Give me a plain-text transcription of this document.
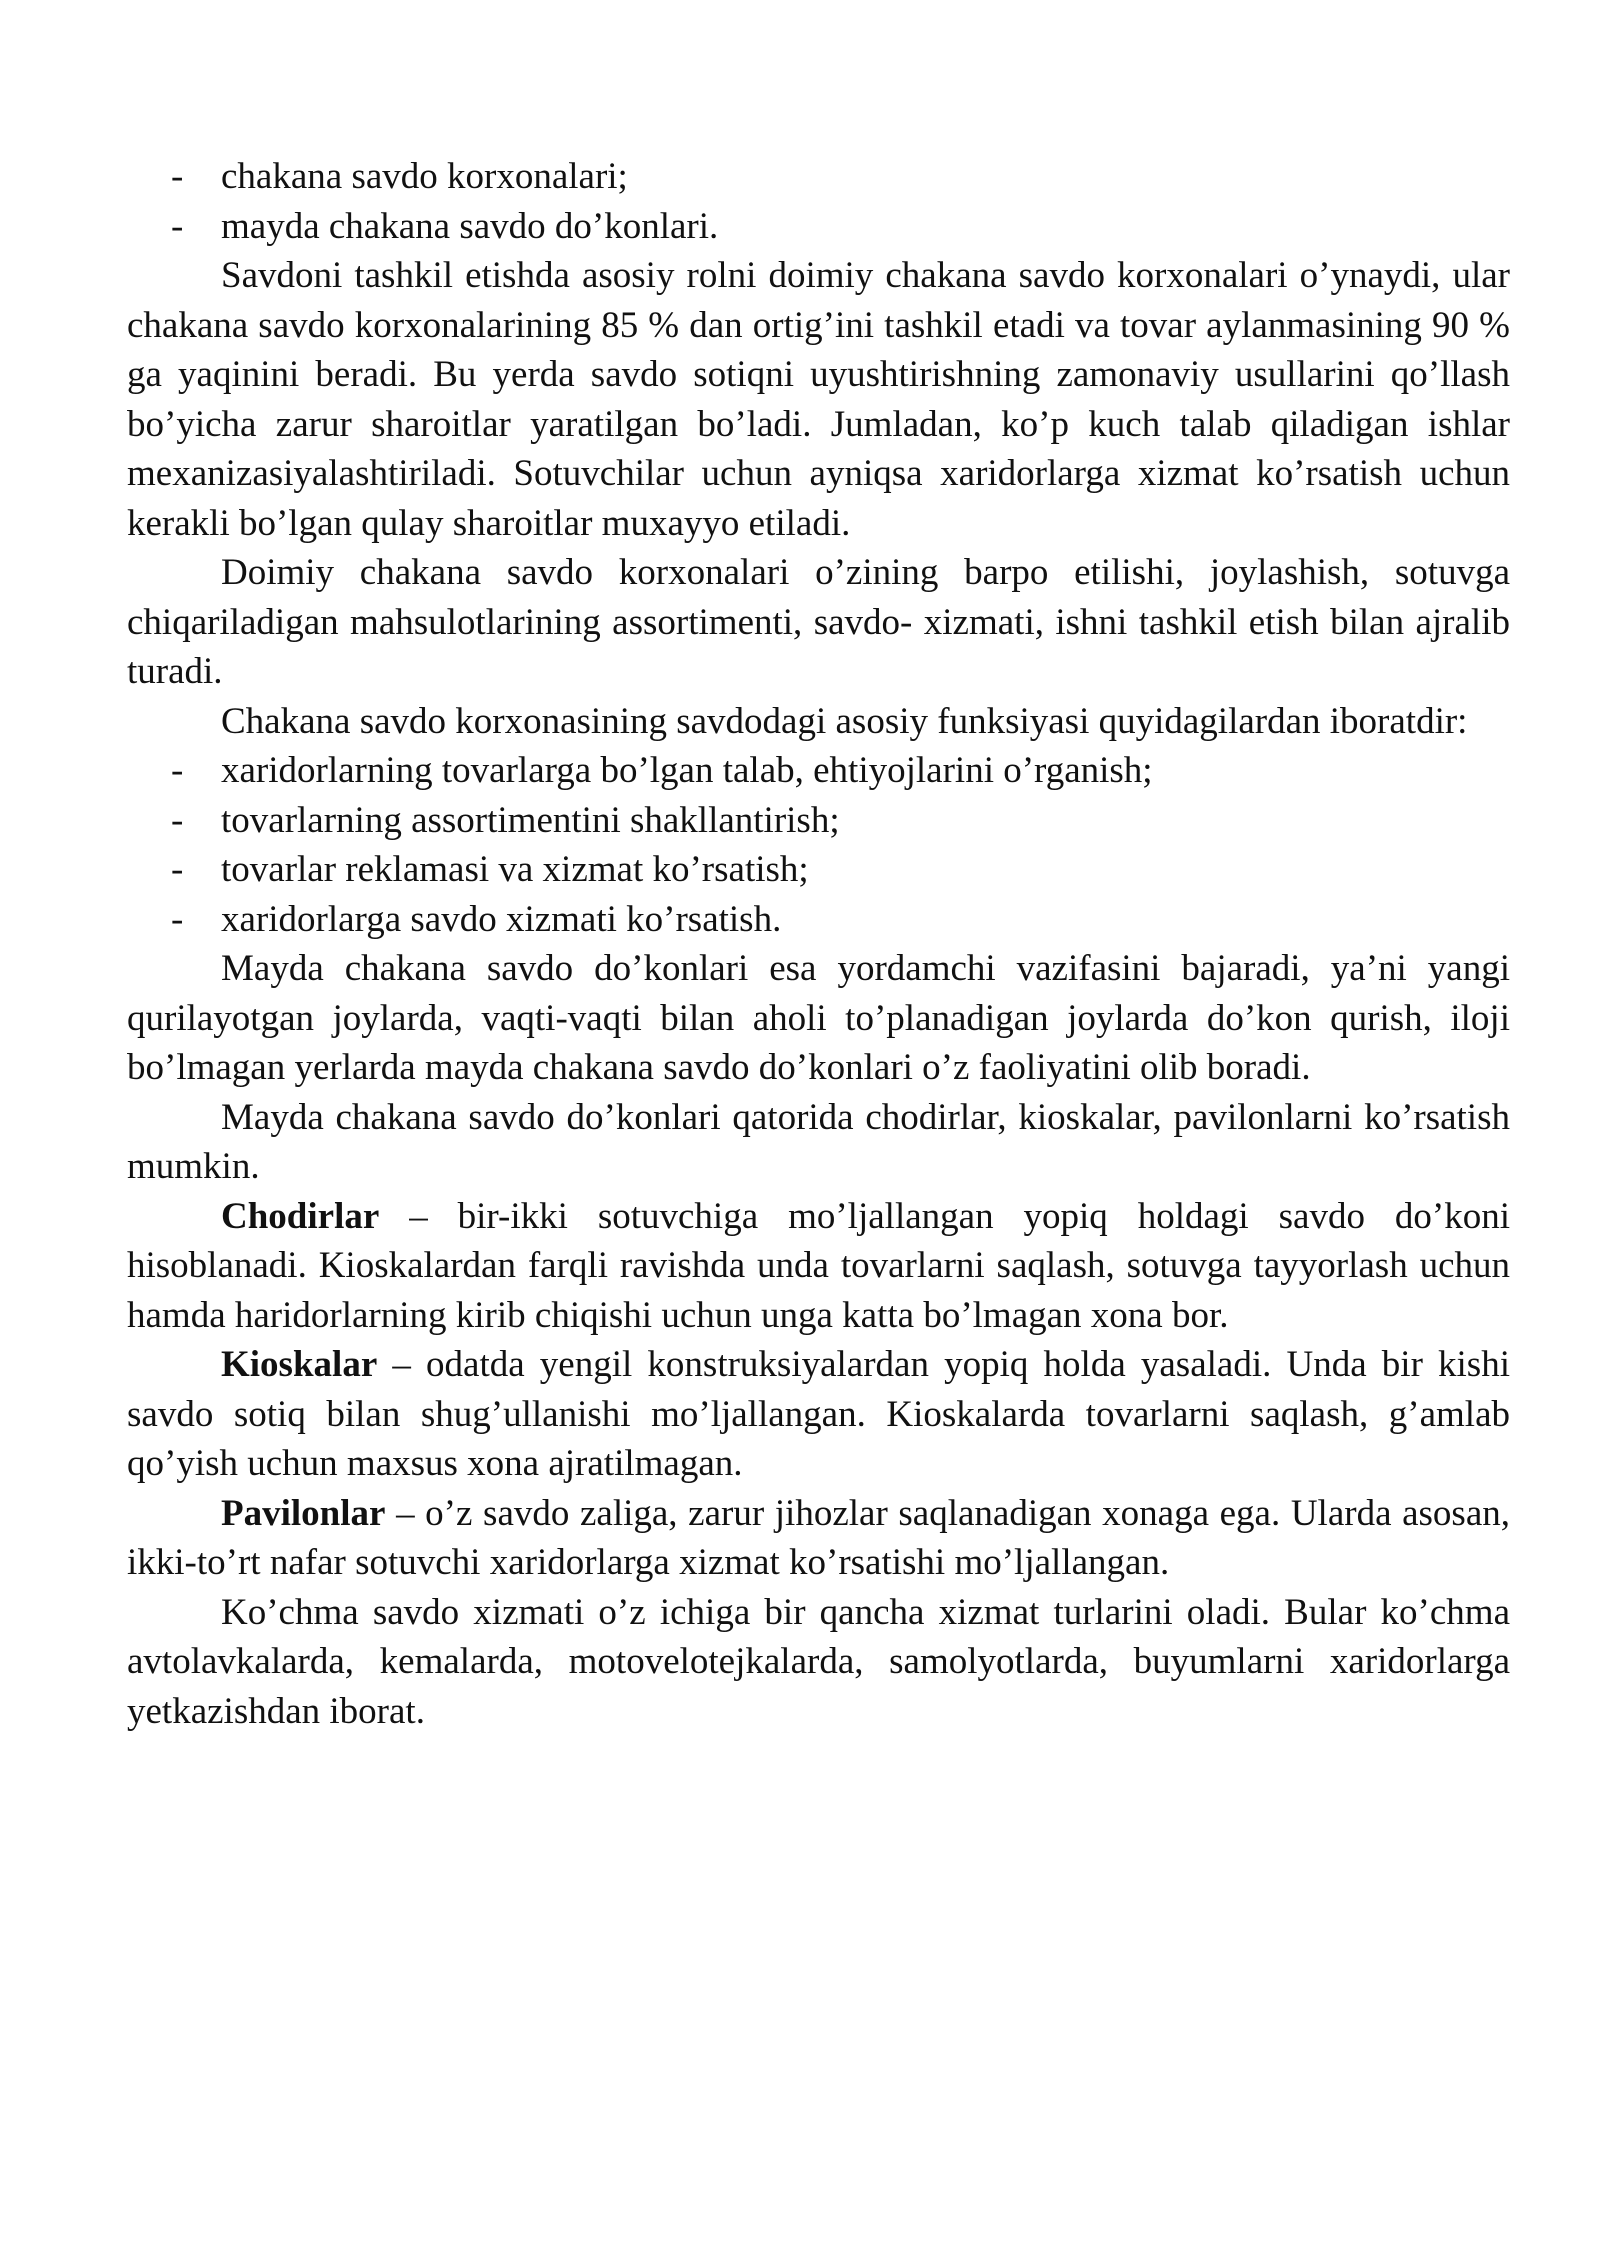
- chakana savdo korxonalari;
- mayda chakana savdo do’konlari.

Savdoni tashkil etishda asosiy rolni doimiy chakana savdo korxonalari o’ynaydi, ular chakana savdo korxonalarining 85 % dan ortig’ini tashkil etadi va tovar aylanmasining 90 % ga yaqinini beradi. Bu yerda savdo sotiqni uyushtirishning zamonaviy usullarini qo’llash bo’yicha zarur sharoitlar yaratilgan bo’ladi. Jumladan, ko’p kuch talab qiladigan ishlar mexanizasiyalashtiriladi. Sotuvchilar uchun ayniqsa xaridorlarga xizmat ko’rsatish uchun kerakli bo’lgan qulay sharoitlar muxayyo etiladi.

Doimiy chakana savdo korxonalari o’zining barpo etilishi, joylashish, sotuvga chiqariladigan mahsulotlarining assortimenti, savdo- xizmati, ishni tashkil etish bilan ajralib turadi.

Chakana savdo korxonasining savdodagi asosiy funksiyasi quyidagilardan iboratdir:

- xaridorlarning tovarlarga bo’lgan talab, ehtiyojlarini o’rganish;
- tovarlarning assortimentini shakllantirish;
- tovarlar reklamasi va xizmat ko’rsatish;
- xaridorlarga savdo xizmati ko’rsatish.

Mayda chakana savdo do’konlari esa yordamchi vazifasini bajaradi, ya’ni yangi qurilayotgan joylarda, vaqti-vaqti bilan aholi to’planadigan joylarda do’kon qurish, iloji bo’lmagan yerlarda mayda chakana savdo do’konlari o’z faoliyatini olib boradi.

Mayda chakana savdo do’konlari qatorida chodirlar, kioskalar, pavilonlarni ko’rsatish mumkin.

Chodirlar – bir-ikki sotuvchiga mo’ljallangan yopiq holdagi savdo do’koni hisoblanadi. Kioskalardan farqli ravishda unda tovarlarni saqlash, sotuvga tayyorlash uchun hamda haridorlarning kirib chiqishi uchun unga katta bo’lmagan xona bor.

Kioskalar – odatda yengil konstruksiyalardan yopiq holda yasaladi. Unda bir kishi savdo sotiq bilan shug’ullanishi mo’ljallangan. Kioskalarda tovarlarni saqlash, g’amlab qo’yish uchun maxsus xona ajratilmagan.

Pavilonlar – o’z savdo zaliga, zarur jihozlar saqlanadigan xonaga ega. Ularda asosan, ikki-to’rt nafar sotuvchi xaridorlarga xizmat ko’rsatishi mo’ljallangan.

Ko’chma savdo xizmati o’z ichiga bir qancha xizmat turlarini oladi. Bular ko’chma avtolavkalarda, kemalarda, motovelotejkalarda, samolyotlarda, buyumlarni xaridorlarga yetkazishdan iborat.
